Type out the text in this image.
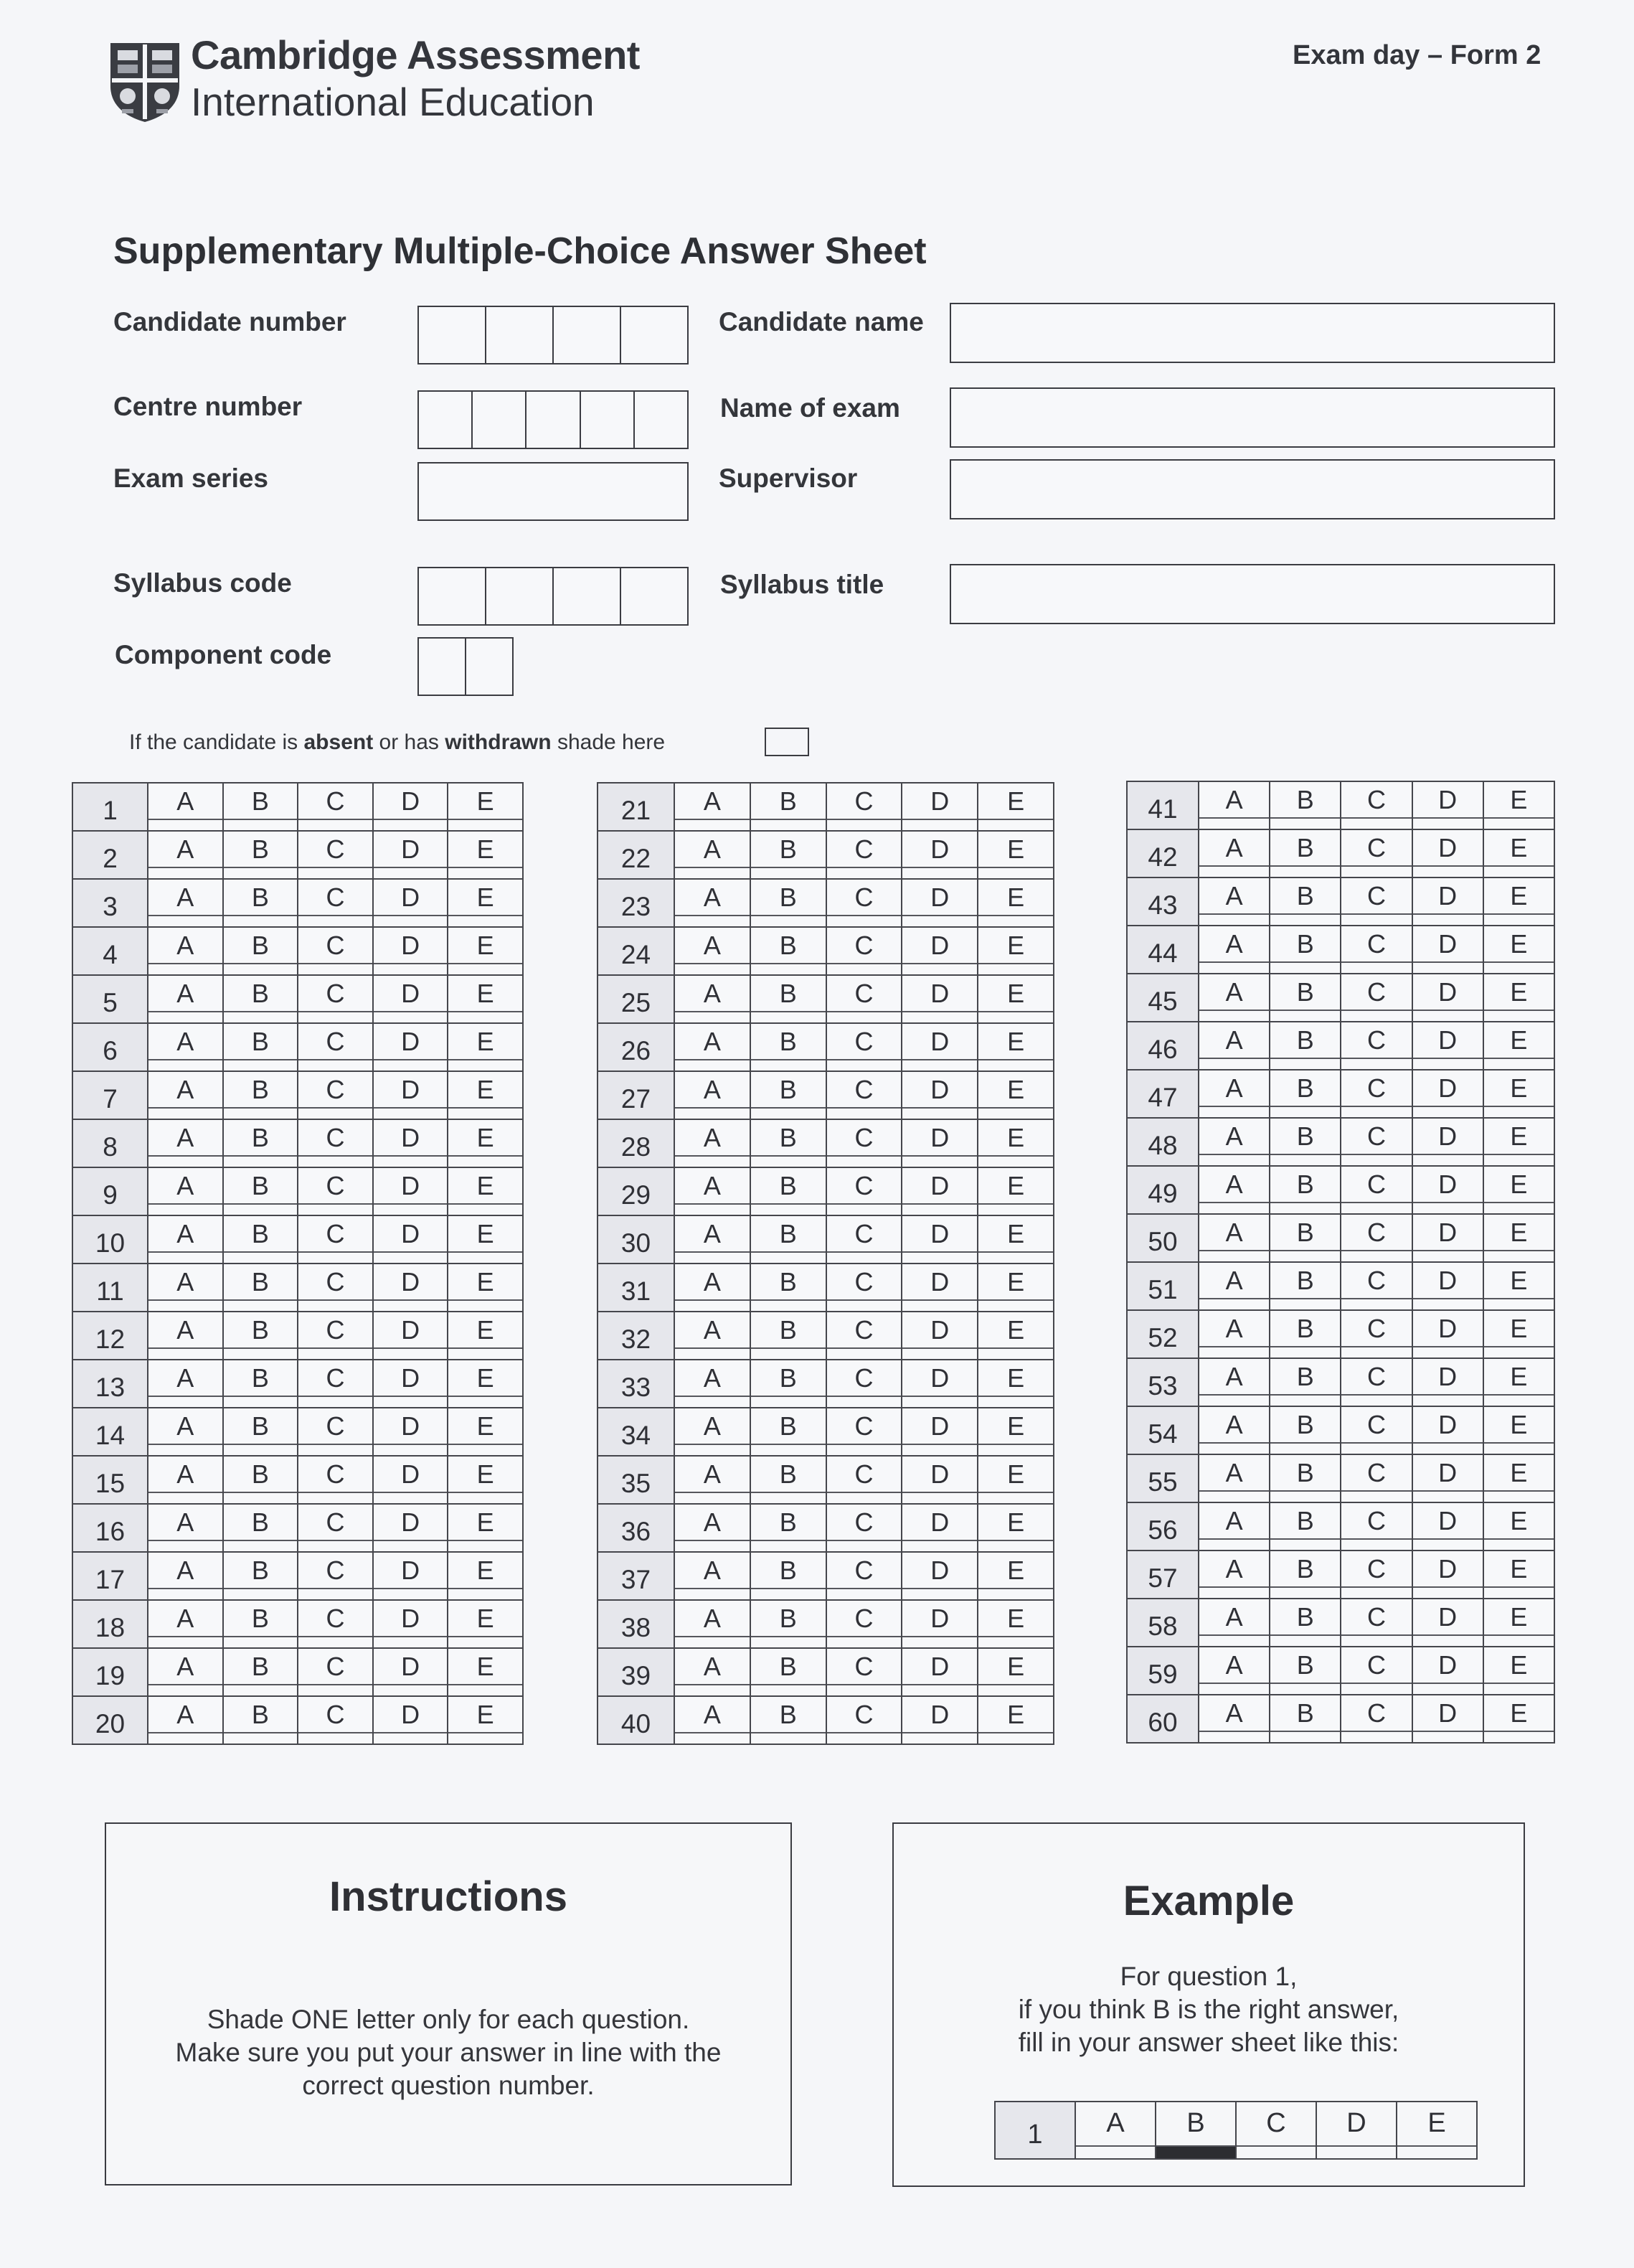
Cambridge Assessment
International Education
Exam day – Form 2
Supplementary Multiple-Choice Answer Sheet
Candidate number	Candidate name
Centre number	Name of exam
Exam series	Supervisor
Syllabus code	Syllabus title
Component code
If the candidate is absent or has withdrawn shade here
1	A	B	C	D	E

2	A	B	C	D	E

3	A	B	C	D	E

4	A	B	C	D	E

5	A	B	C	D	E

6	A	B	C	D	E

7	A	B	C	D	E

8	A	B	C	D	E

9	A	B	C	D	E

10	A	B	C	D	E

11	A	B	C	D	E

12	A	B	C	D	E

13	A	B	C	D	E

14	A	B	C	D	E

15	A	B	C	D	E

16	A	B	C	D	E

17	A	B	C	D	E

18	A	B	C	D	E

19	A	B	C	D	E

20	A	B	C	D	E
21	A	B	C	D	E

22	A	B	C	D	E

23	A	B	C	D	E

24	A	B	C	D	E

25	A	B	C	D	E

26	A	B	C	D	E

27	A	B	C	D	E

28	A	B	C	D	E

29	A	B	C	D	E

30	A	B	C	D	E

31	A	B	C	D	E

32	A	B	C	D	E

33	A	B	C	D	E

34	A	B	C	D	E

35	A	B	C	D	E

36	A	B	C	D	E

37	A	B	C	D	E

38	A	B	C	D	E

39	A	B	C	D	E

40	A	B	C	D	E
41	A	B	C	D	E

42	A	B	C	D	E

43	A	B	C	D	E

44	A	B	C	D	E

45	A	B	C	D	E

46	A	B	C	D	E

47	A	B	C	D	E

48	A	B	C	D	E

49	A	B	C	D	E

50	A	B	C	D	E

51	A	B	C	D	E

52	A	B	C	D	E

53	A	B	C	D	E

54	A	B	C	D	E

55	A	B	C	D	E

56	A	B	C	D	E

57	A	B	C	D	E

58	A	B	C	D	E

59	A	B	C	D	E

60	A	B	C	D	E
Instructions
Shade ONE letter only for each question.
Make sure you put your answer in line with the
correct question number.
Example
For question 1,
if you think B is the right answer,
fill in your answer sheet like this:
1	A	B	C	D	E
